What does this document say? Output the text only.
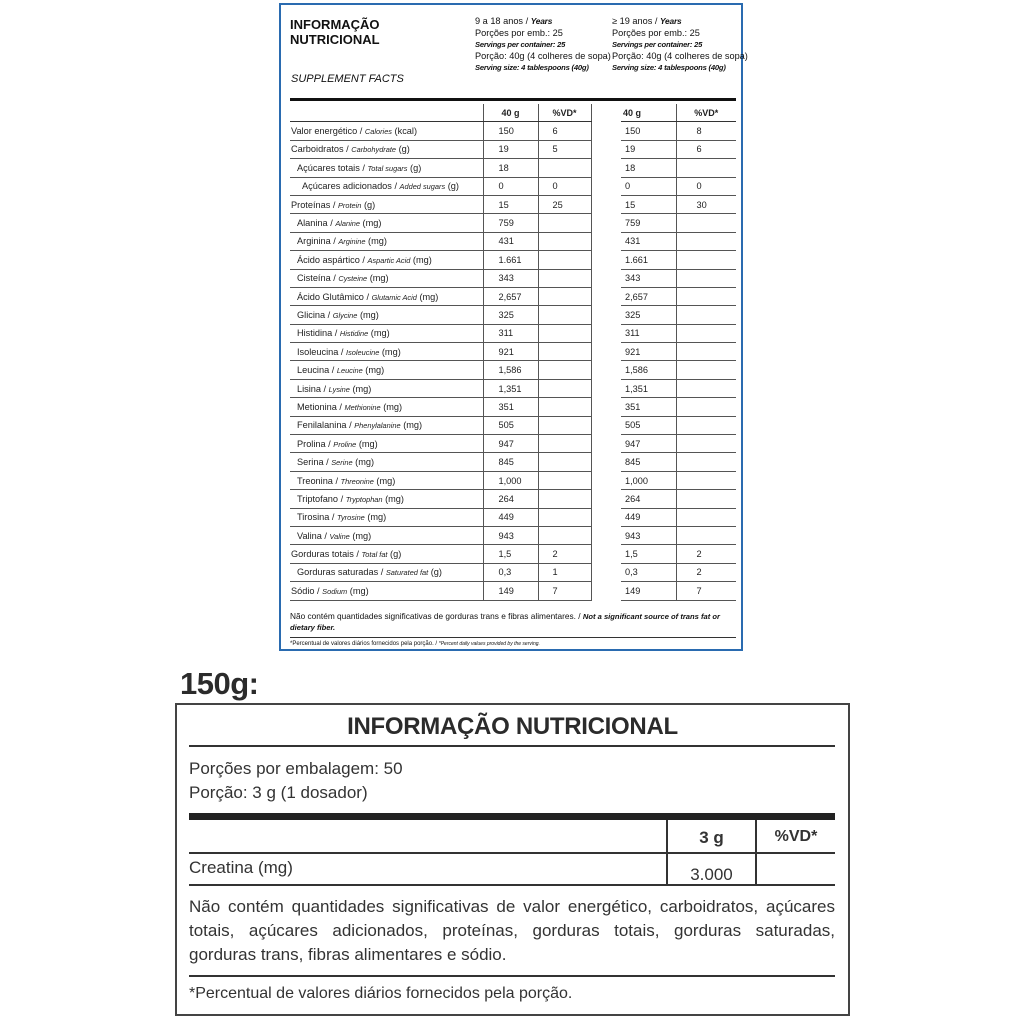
INFORMAÇÃO
NUTRICIONAL
SUPPLEMENT FACTS
9 a 18 anos / Years
Porções por emb.: 25
Servings per container: 25
Porção: 40g (4 colheres de sopa)
Serving size: 4 tablespoons (40g)
≥ 19 anos / Years
Porções por emb.: 25
Servings per container: 25
Porção: 40g (4 colheres de sopa)
Serving size: 4 tablespoons (40g)
	40 g	%VD*		40 g	%VD*
Valor energético / Calories (kcal)	150	6		150	8
Carboidratos / Carbohydrate (g)	19	5		19	6
Açúcares totais / Total sugars (g)	18			18	
Açúcares adicionados / Added sugars (g)	0	0		0	0
Proteínas / Protein (g)	15	25		15	30
Alanina / Alanine (mg)	759			759	
Arginina / Arginine (mg)	431			431	
Ácido aspártico / Aspartic Acid (mg)	1.661			1.661	
Cisteína / Cysteine (mg)	343			343	
Ácido Glutâmico / Glutamic Acid (mg)	2,657			2,657	
Glicina / Glycine (mg)	325			325	
Histidina / Histidine (mg)	311			311	
Isoleucina / Isoleucine (mg)	921			921	
Leucina / Leucine (mg)	1,586			1,586	
Lisina / Lysine (mg)	1,351			1,351	
Metionina / Methionine (mg)	351			351	
Fenilalanina / Phenylalanine (mg)	505			505	
Prolina / Proline (mg)	947			947	
Serina / Serine (mg)	845			845	
Treonina / Threonine (mg)	1,000			1,000	
Triptofano / Tryptophan (mg)	264			264	
Tirosina / Tyrosine (mg)	449			449	
Valina / Valine (mg)	943			943	
Gorduras totais / Total fat (g)	1,5	2		1,5	2
Gorduras saturadas / Saturated fat (g)	0,3	1		0,3	2
Sódio / Sodium (mg)	149	7		149	7
Não contém quantidades significativas de gorduras trans e fibras alimentares. / Not a significant source of trans fat or dietary fiber.
*Percentual de valores diários fornecidos pela porção. / *Percent daily values provided by the serving.
150g:
INFORMAÇÃO NUTRICIONAL
Porções por embalagem: 50
Porção: 3 g (1 dosador)
3 g	%VD*
Creatina (mg)	3.000
Não contém quantidades significativas de valor energético, carboidratos, açúcares totais, açúcares adicionados, proteínas, gorduras totais, gorduras saturadas, gorduras trans, fibras alimentares e sódio.
*Percentual de valores diários fornecidos pela porção.
